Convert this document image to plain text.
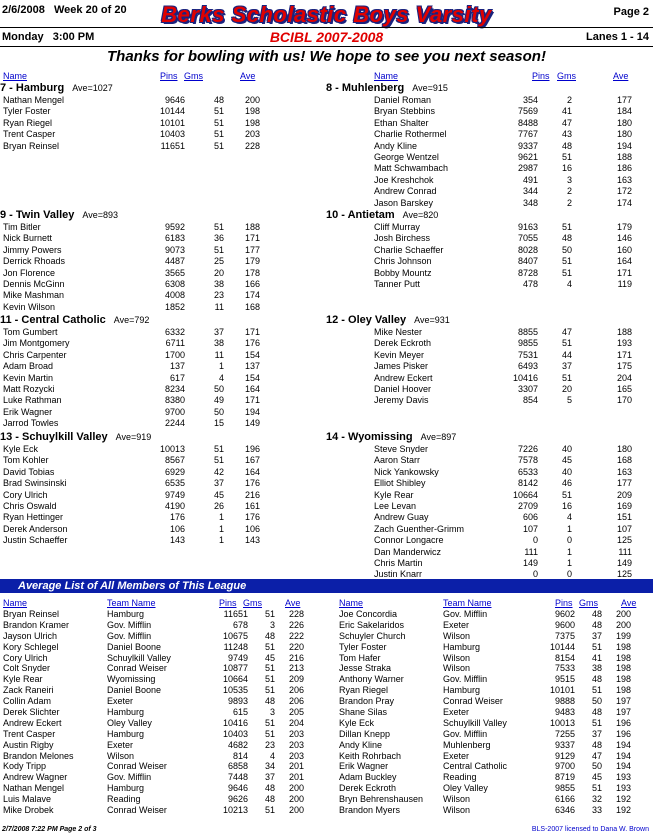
2/6/2008 Week 20 of 20	Berks Scholastic Boys Varsity	Page 2
Monday   3:00 PM	BCIBL 2007-2008	Lanes 1 - 14
Thanks for bowling with us! We hope to see you next season!
Name	Pins Gms	Ave	Name	Pins Gms	Ave
7 - Hamburg Ave=1027
Nathan Mengel	9646	48 200
Tyler Foster	10144	51 198
Ryan Riegel	10101	51 198
Trent Casper	10403	51 203
Bryan Reinsel	11651	51 228
9 - Twin Valley Ave=893
Tim Bitler	9592	51 188
Nick Burnett	6183	36 171
Jimmy Powers	9073	51 177
Derrick Rhoads	4487	25 179
Jon Florence	3565	20 178
Dennis McGinn	6308	38 166
Mike Mashman	4008	23 174
Kevin Wilson	1852	11 168
11 - Central Catholic Ave=792
Tom Gumbert	6332	37 171
Jim Montgomery	6711	38 176
Chris Carpenter	1700	11 154
Adam Broad	137	1 137
Kevin Martin	617	4 154
Matt Rozycki	8234	50 164
Luke Rathman	8380	49 171
Erik Wagner	9700	50 194
Jarrod Towles	2244	15 149
13 - Schuylkill Valley Ave=919
Kyle Eck	10013	51 196
Tom Kohler	8567	51 167
David Tobias	6929	42 164
Brad Swinsinski	6535	37 176
Cory Ulrich	9749	45 216
Chris Oswald	4190	26 161
Ryan Hettinger	176	1 176
Derek Anderson	106	1 106
Justin Schaeffer	143	1 143
8 - Muhlenberg Ave=915
Daniel Roman	354	2	177
Bryan Stebbins	7569	41	184
Ethan Shalter	8488	47	180
Charlie Rothermel	7767	43	180
Andy Kline	9337	48	194
George Wentzel	9621	51	188
Matt Schwambach	2987	16	186
Joe Kreshchok	491	3	163
Andrew Conrad	344	2	172
Jason Barskey	348	2	174
10 - Antietam Ave=820
Cliff Murray	9163	51	179
Josh Birchess	7055	48	146
Charlie Schaeffer	8028	50	160
Chris Johnson	8407	51	164
Bobby Mountz	8728	51	171
Tanner Putt	478	4	119
12 - Oley Valley Ave=931
Mike Nester	8855	47	188
Derek Eckroth	9855	51	193
Kevin Meyer	7531	44	171
James Pisker	6493	37	175
Andrew Eckert	10416	51	204
Daniel Hoover	3307	20	165
Jeremy Davis	854	5	170
14 - Wyomissing Ave=897
Steve Snyder	7226	40	180
Aaron Starr	7578	45	168
Nick Yankowsky	6533	40	163
Elliot Shibley	8142	46	177
Kyle Rear	10664	51	209
Lee Levan	2709	16	169
Andrew Guay	606	4	151
Zach Guenther-Grimm	107	1	107
Connor Longacre	0	0	125
Dan Manderwicz	111	1	111
Chris Martin	149	1	149
Justin Knarr	0	0	125
Average List of All Members of This League
Name	Team Name	Pins Gms	Ave	Name	Team Name	Pins Gms	Ave
Bryan Reinsel	Hamburg	11651 51 228
Brandon Kramer	Gov. Mifflin	678 3 226
Jayson Ulrich	Gov. Mifflin	10675 48 222
Kory Schlegel	Daniel Boone	11248 51 220
Cory Ulrich	Schuylkill Valley	9749 45 216
Colt Snyder	Conrad Weiser	10877 51 213
Kyle Rear	Wyomissing	10664 51 209
Zack Raneiri	Daniel Boone	10535 51 206
Collin Adam	Exeter	9893 48 206
Derek Slichter	Hamburg	615 3 205
Andrew Eckert	Oley Valley	10416 51 204
Trent Casper	Hamburg	10403 51 203
Austin Rigby	Exeter	4682 23 203
Brandon Melones	Wilson	814 4 203
Kody Tripp	Conrad Weiser	6858 34 201
Andrew Wagner	Gov. Mifflin	7448 37 201
Nathan Mengel	Hamburg	9646 48 200
Luis Malave	Reading	9626 48 200
Mike Drobek	Conrad Weiser	10213 51 200
Joe Concordia	Gov. Mifflin	9602 48 200
Eric Sakelaridos	Exeter	9600 48 200
Schuyler Church	Wilson	7375 37 199
Tyler Foster	Hamburg	10144 51 198
Tom Hafer	Wilson	8154 41 198
Jesse Straka	Wilson	7533 38 198
Anthony Warner	Gov. Mifflin	9515 48 198
Ryan Riegel	Hamburg	10101 51 198
Brandon Pray	Conrad Weiser	9888 50 197
Shane Silas	Exeter	9483 48 197
Kyle Eck	Schuylkill Valley	10013 51 196
Dillan Knepp	Gov. Mifflin	7255 37 196
Andy Kline	Muhlenberg	9337 48 194
Keith Rohrbach	Exeter	9129 47 194
Erik Wagner	Central Catholic	9700 50 194
Adam Buckley	Reading	8719 45 193
Derek Eckroth	Oley Valley	9855 51 193
Bryn Behrenshausen Wilson	6166 32 192
Brandon Myers	Wilson	6346 33 192
2/7/2008 7:22 PM Page 2 of 3	BLS-2007 licensed to Dana W. Brown
